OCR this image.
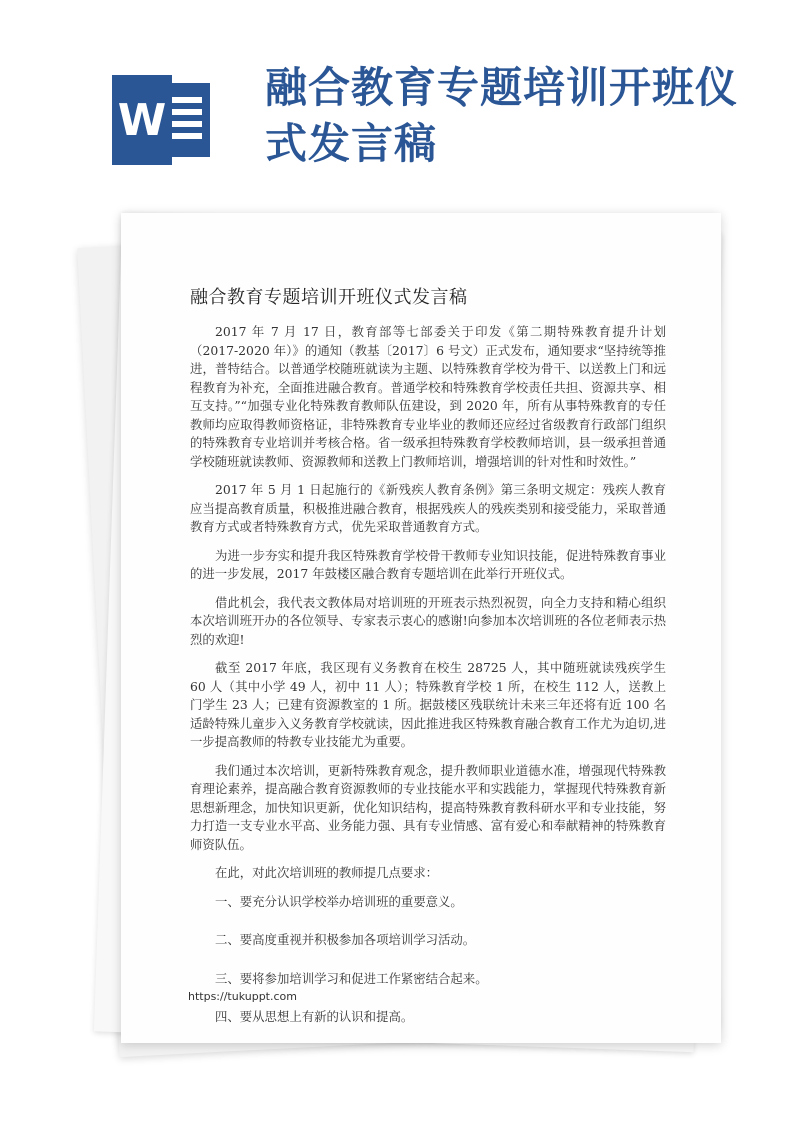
W
融合教育专题培训开班仪式发言稿
融合教育专题培训开班仪式发言稿

2017 年 7 月 17 日，教育部等七部委关于印发《第二期特殊教育提升计划（2017-2020 年）》的通知（教基〔2017〕6 号文）正式发布，通知要求“坚持统等推进，普特结合。以普通学校随班就读为主题、以特殊教育学校为骨干、以送教上门和远程教育为补充，全面推进融合教育。普通学校和特殊教育学校责任共担、资源共享、相互支持。”“加强专业化特殊教育教师队伍建设，到 2020 年，所有从事特殊教育的专任教师均应取得教师资格证，非特殊教育专业毕业的教师还应经过省级教育行政部门组织的特殊教育专业培训并考核合格。省一级承担特殊教育学校教师培训，县一级承担普通学校随班就读教师、资源教师和送教上门教师培训，增强培训的针对性和时效性。”

2017 年 5 月 1 日起施行的《新残疾人教育条例》第三条明文规定：残疾人教育应当提高教育质量，积极推进融合教育，根据残疾人的残疾类别和接受能力，采取普通教育方式或者特殊教育方式，优先采取普通教育方式。

为进一步夯实和提升我区特殊教育学校骨干教师专业知识技能，促进特殊教育事业的进一步发展，2017 年鼓楼区融合教育专题培训在此举行开班仪式。

借此机会，我代表文教体局对培训班的开班表示热烈祝贺，向全力支持和精心组织本次培训班开办的各位领导、专家表示衷心的感谢!向参加本次培训班的各位老师表示热烈的欢迎!

截至 2017 年底，我区现有义务教育在校生 28725 人，其中随班就读残疾学生 60 人（其中小学 49 人，初中 11 人）；特殊教育学校 1 所，在校生 112 人，送教上门学生 23 人；已建有资源教室的 1 所。据鼓楼区残联统计未来三年还将有近 100 名适龄特殊儿童步入义务教育学校就读，因此推进我区特殊教育融合教育工作尤为迫切,进一步提高教师的特教专业技能尤为重要。

我们通过本次培训，更新特殊教育观念，提升教师职业道德水准，增强现代特殊教育理论素养，提高融合教育资源教师的专业技能水平和实践能力，掌握现代特殊教育新思想新理念，加快知识更新，优化知识结构，提高特殊教育教科研水平和专业技能，努力打造一支专业水平高、业务能力强、具有专业情感、富有爱心和奉献精神的特殊教育师资队伍。

在此，对此次培训班的教师提几点要求：

一、要充分认识学校举办培训班的重要意义。

二、要高度重视并积极参加各项培训学习活动。

三、要将参加培训学习和促进工作紧密结合起来。

四、要从思想上有新的认识和提高。

https://tukuppt.com
